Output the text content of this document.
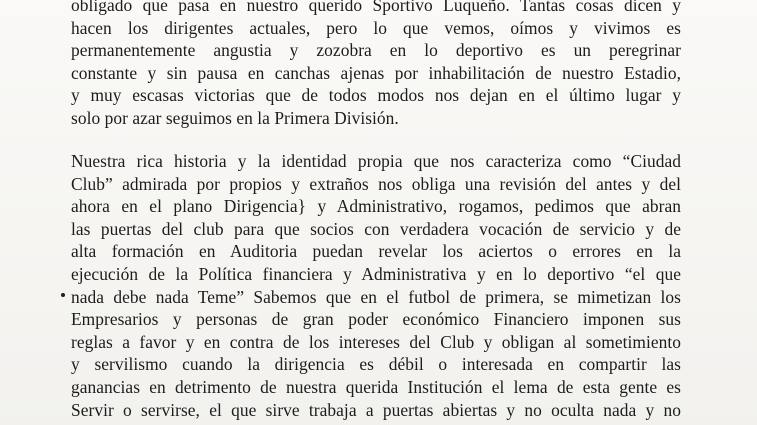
obligado que pasa en nuestro querido Sportivo Luqueño. Tantas cosas dicen y
hacen los dirigentes actuales, pero lo que vemos, oímos y vivimos es
permanentemente angustia y zozobra en lo deportivo es un peregrinar
constante y sin pausa en canchas ajenas por inhabilitación de nuestro Estadio,
y muy escasas victorias que de todos modos nos dejan en el último lugar y
solo por azar seguimos en la Primera División.
Nuestra rica historia y la identidad propia que nos caracteriza como “Ciudad
Club” admirada por propios y extraños nos obliga una revisión del antes y del
ahora en el plano Dirigencia} y Administrativo, rogamos, pedimos que abran
las puertas del club para que socios con verdadera vocación de servicio y de
alta formación en Auditoria puedan revelar los aciertos o errores en la
ejecución de la Política financiera y Administrativa y en lo deportivo “el que
nada debe nada Teme” Sabemos que en el futbol de primera, se mimetizan los
Empresarios y personas de gran poder económico Financiero imponen sus
reglas a favor y en contra de los intereses del Club y obligan al sometimiento
y servilismo cuando la dirigencia es débil o interesada en compartir las
ganancias en detrimento de nuestra querida Institución el lema de esta gente es
Servir o servirse, el que sirve trabaja a puertas abiertas y no oculta nada y no
